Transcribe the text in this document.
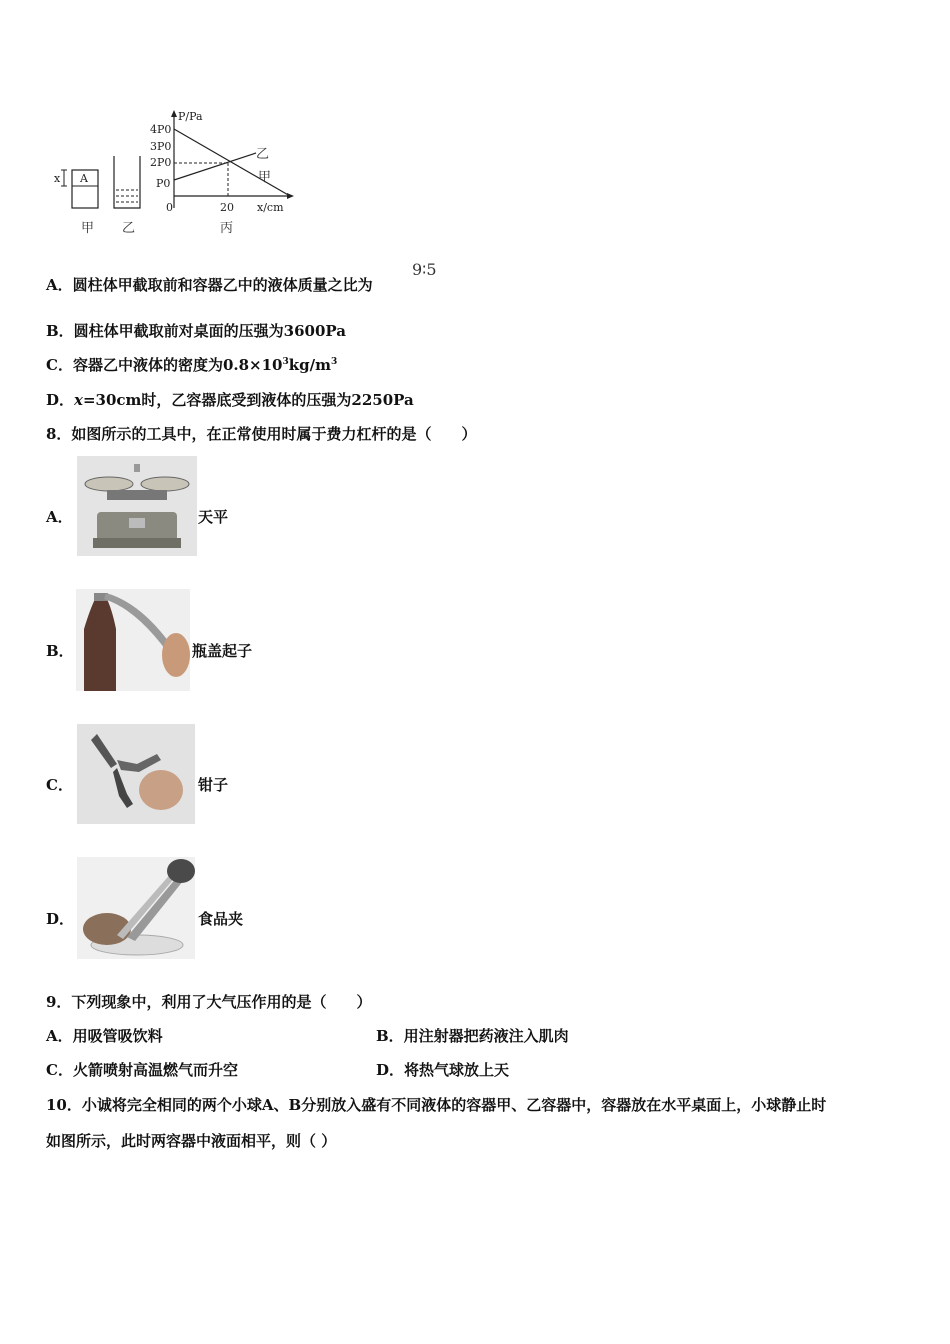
x A
P/Pa
4P0
3P0
2P0
P0
0	20 x/cm
乙
甲
甲 乙	丙
A．圆柱体甲截取前和容器乙中的液体质量之比为
9∶5
B．圆柱体甲截取前对桌面的压强为3600Pa
C．容器乙中液体的密度为$0.8\times 10^3kg/m^3$
D．x=30cm时，乙容器底受到液体的压强为2250Pa
8．如图所示的工具中，在正常使用时属于费力杠杆的是（　　）
A．	天平
B．	瓶盖起子
C．	钳子
D．	食品夹
9．下列现象中，利用了大气压作用的是（　　）
A．用吸管吸饮料	B．用注射器把药液注入肌肉
C．火箭喷射高温燃气而升空	D．将热气球放上天
10．小诚将完全相同的两个小球A、B分别放入盛有不同液体的容器甲、乙容器中，容器放在水平桌面上，小球静止时
如图所示，此时两容器中液面相平，则（ ）
